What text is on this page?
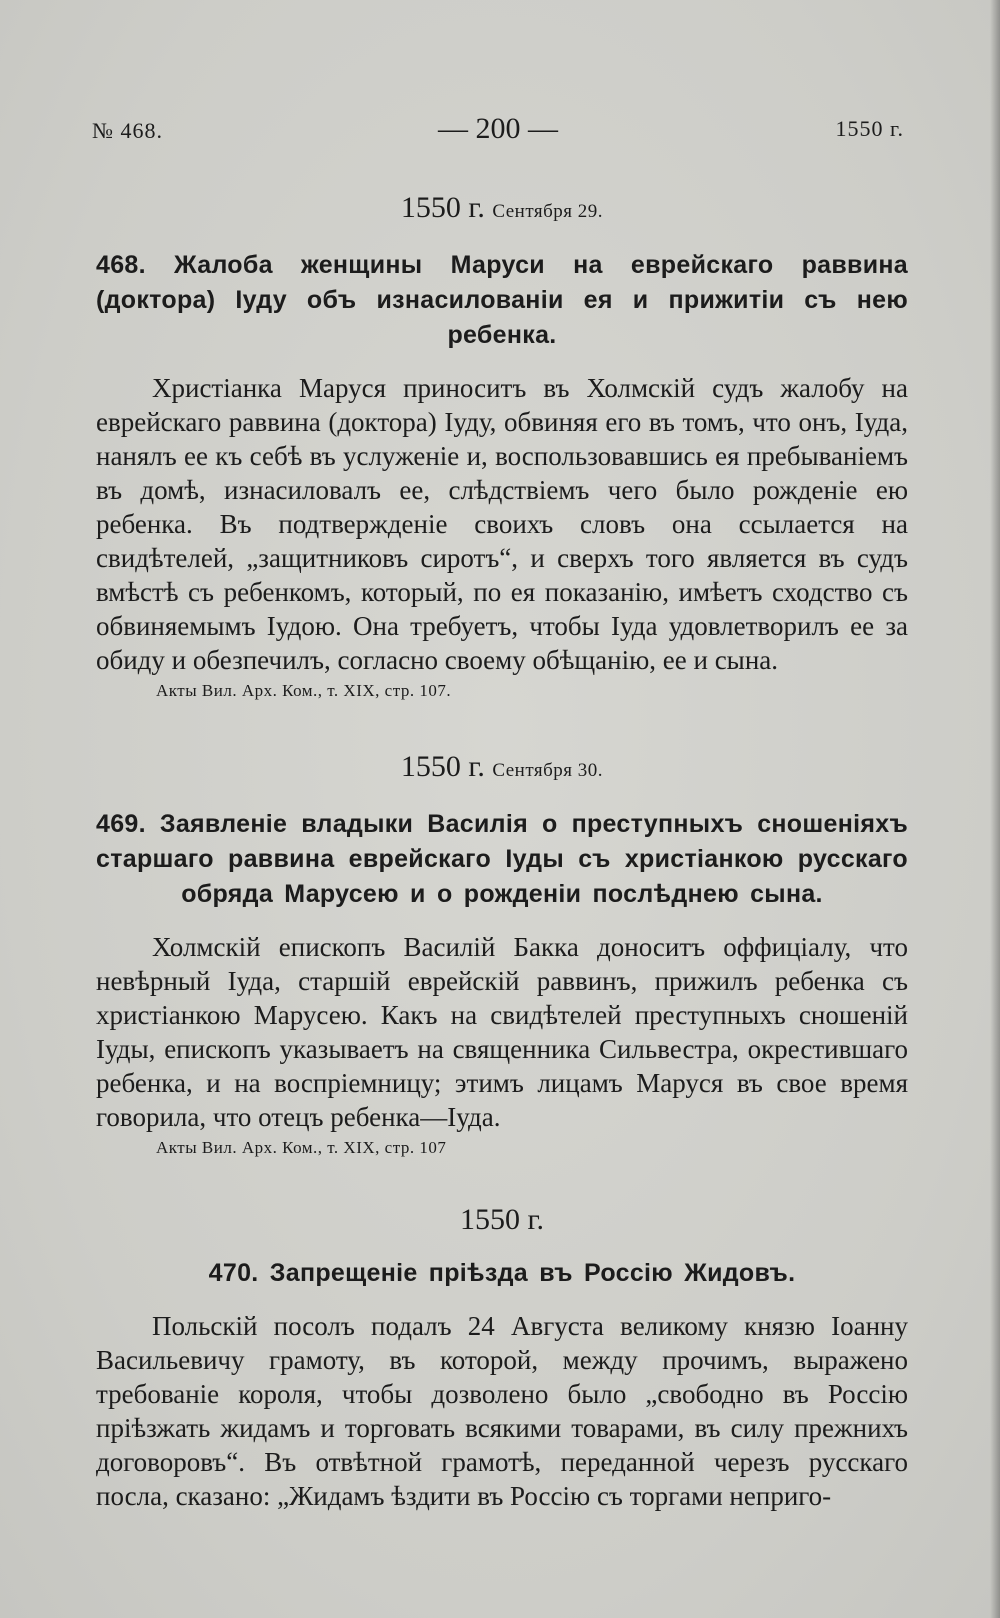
№ 468.	— 200 —	1550 г.
1550 г. Сентября 29.

468. Жалоба женщины Маруси на еврейскаго раввина (доктора) Іуду объ изнасилованіи ея и прижитіи съ нею ребенка.

Христіанка Маруся приноситъ въ Холмскій судъ жалобу на еврейскаго раввина (доктора) Іуду, обвиняя его въ томъ, что онъ, Іуда, нанялъ ее къ себѣ въ услуженіе и, воспользовавшись ея пребываніемъ въ домѣ, изнасиловалъ ее, слѣдствіемъ чего было рожденіе ею ребенка. Въ подтвержденіе своихъ словъ она ссылается на свидѣтелей, „защитниковъ сиротъ“, и сверхъ того является въ судъ вмѣстѣ съ ребенкомъ, который, по ея показанію, имѣетъ сходство съ обвиняемымъ Іудою. Она требуетъ, чтобы Іуда удовлетворилъ ее за обиду и обезпечилъ, согласно своему обѣщанію, ее и сына.

Акты Вил. Арх. Ком., т. XIX, стр. 107.
1550 г. Сентября 30.

469. Заявленіе владыки Василія о преступныхъ сношеніяхъ старшаго раввина еврейскаго Іуды съ христіанкою русскаго обряда Марусею и о рожденіи послѣднею сына.

Холмскій епископъ Василій Бакка доноситъ оффиціалу, что невѣрный Іуда, старшій еврейскій раввинъ, прижилъ ребенка съ христіанкою Марусею. Какъ на свидѣтелей преступныхъ сношеній Іуды, епископъ указываетъ на священника Сильвестра, окрестившаго ребенка, и на воспріемницу; этимъ лицамъ Маруся въ свое время говорила, что отецъ ребенка—Іуда.

Акты Вил. Арх. Ком., т. XIX, стр. 107
1550 г.

470. Запрещеніе пріѣзда въ Россію Жидовъ.

Польскій посолъ подалъ 24 Августа великому князю Іоанну Васильевичу грамоту, въ которой, между прочимъ, выражено требованіе короля, чтобы дозволено было „свободно въ Россію пріѣзжать жидамъ и торговать всякими товарами, въ силу прежнихъ договоровъ“. Въ отвѣтной грамотѣ, переданной черезъ русскаго посла, сказано: „Жидамъ ѣздити въ Россію съ торгами неприго-
